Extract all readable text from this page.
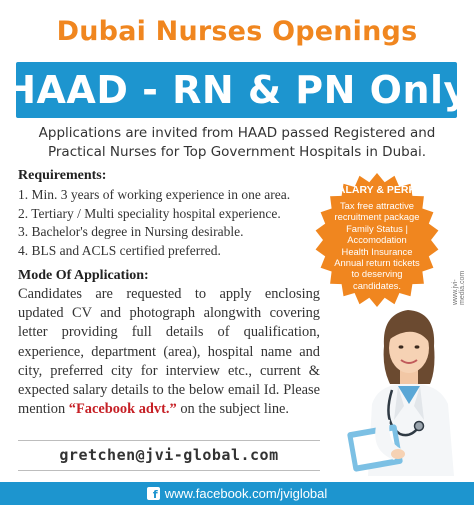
Dubai Nurses Openings
HAAD - RN & PN Only
Applications are invited from HAAD passed Registered and
Practical Nurses for Top Government Hospitals in Dubai.
Requirements:
1. Min. 3 years of working experience in one area.
2. Tertiary / Multi speciality hospital experience.
3. Bachelor's degree in Nursing desirable.
4. BLS and ACLS certified preferred.
Mode Of Application:

Candidates are requested to apply enclosing updated CV and photograph alongwith covering letter providing full details of qualification, experience, department (area), hospital name and city, preferred city for interview etc., current & expected salary details to the below email Id. Please mention “Facebook advt.” on the subject line.

SALARY & PERKS
Tax free attractive
recruitment package
Family Status | Accomodation
Health Insurance
Annual return tickets
to deserving
candidates.	www.jvi-media.com
gretchen@jvi-global.com
f www.facebook.com/jviglobal
